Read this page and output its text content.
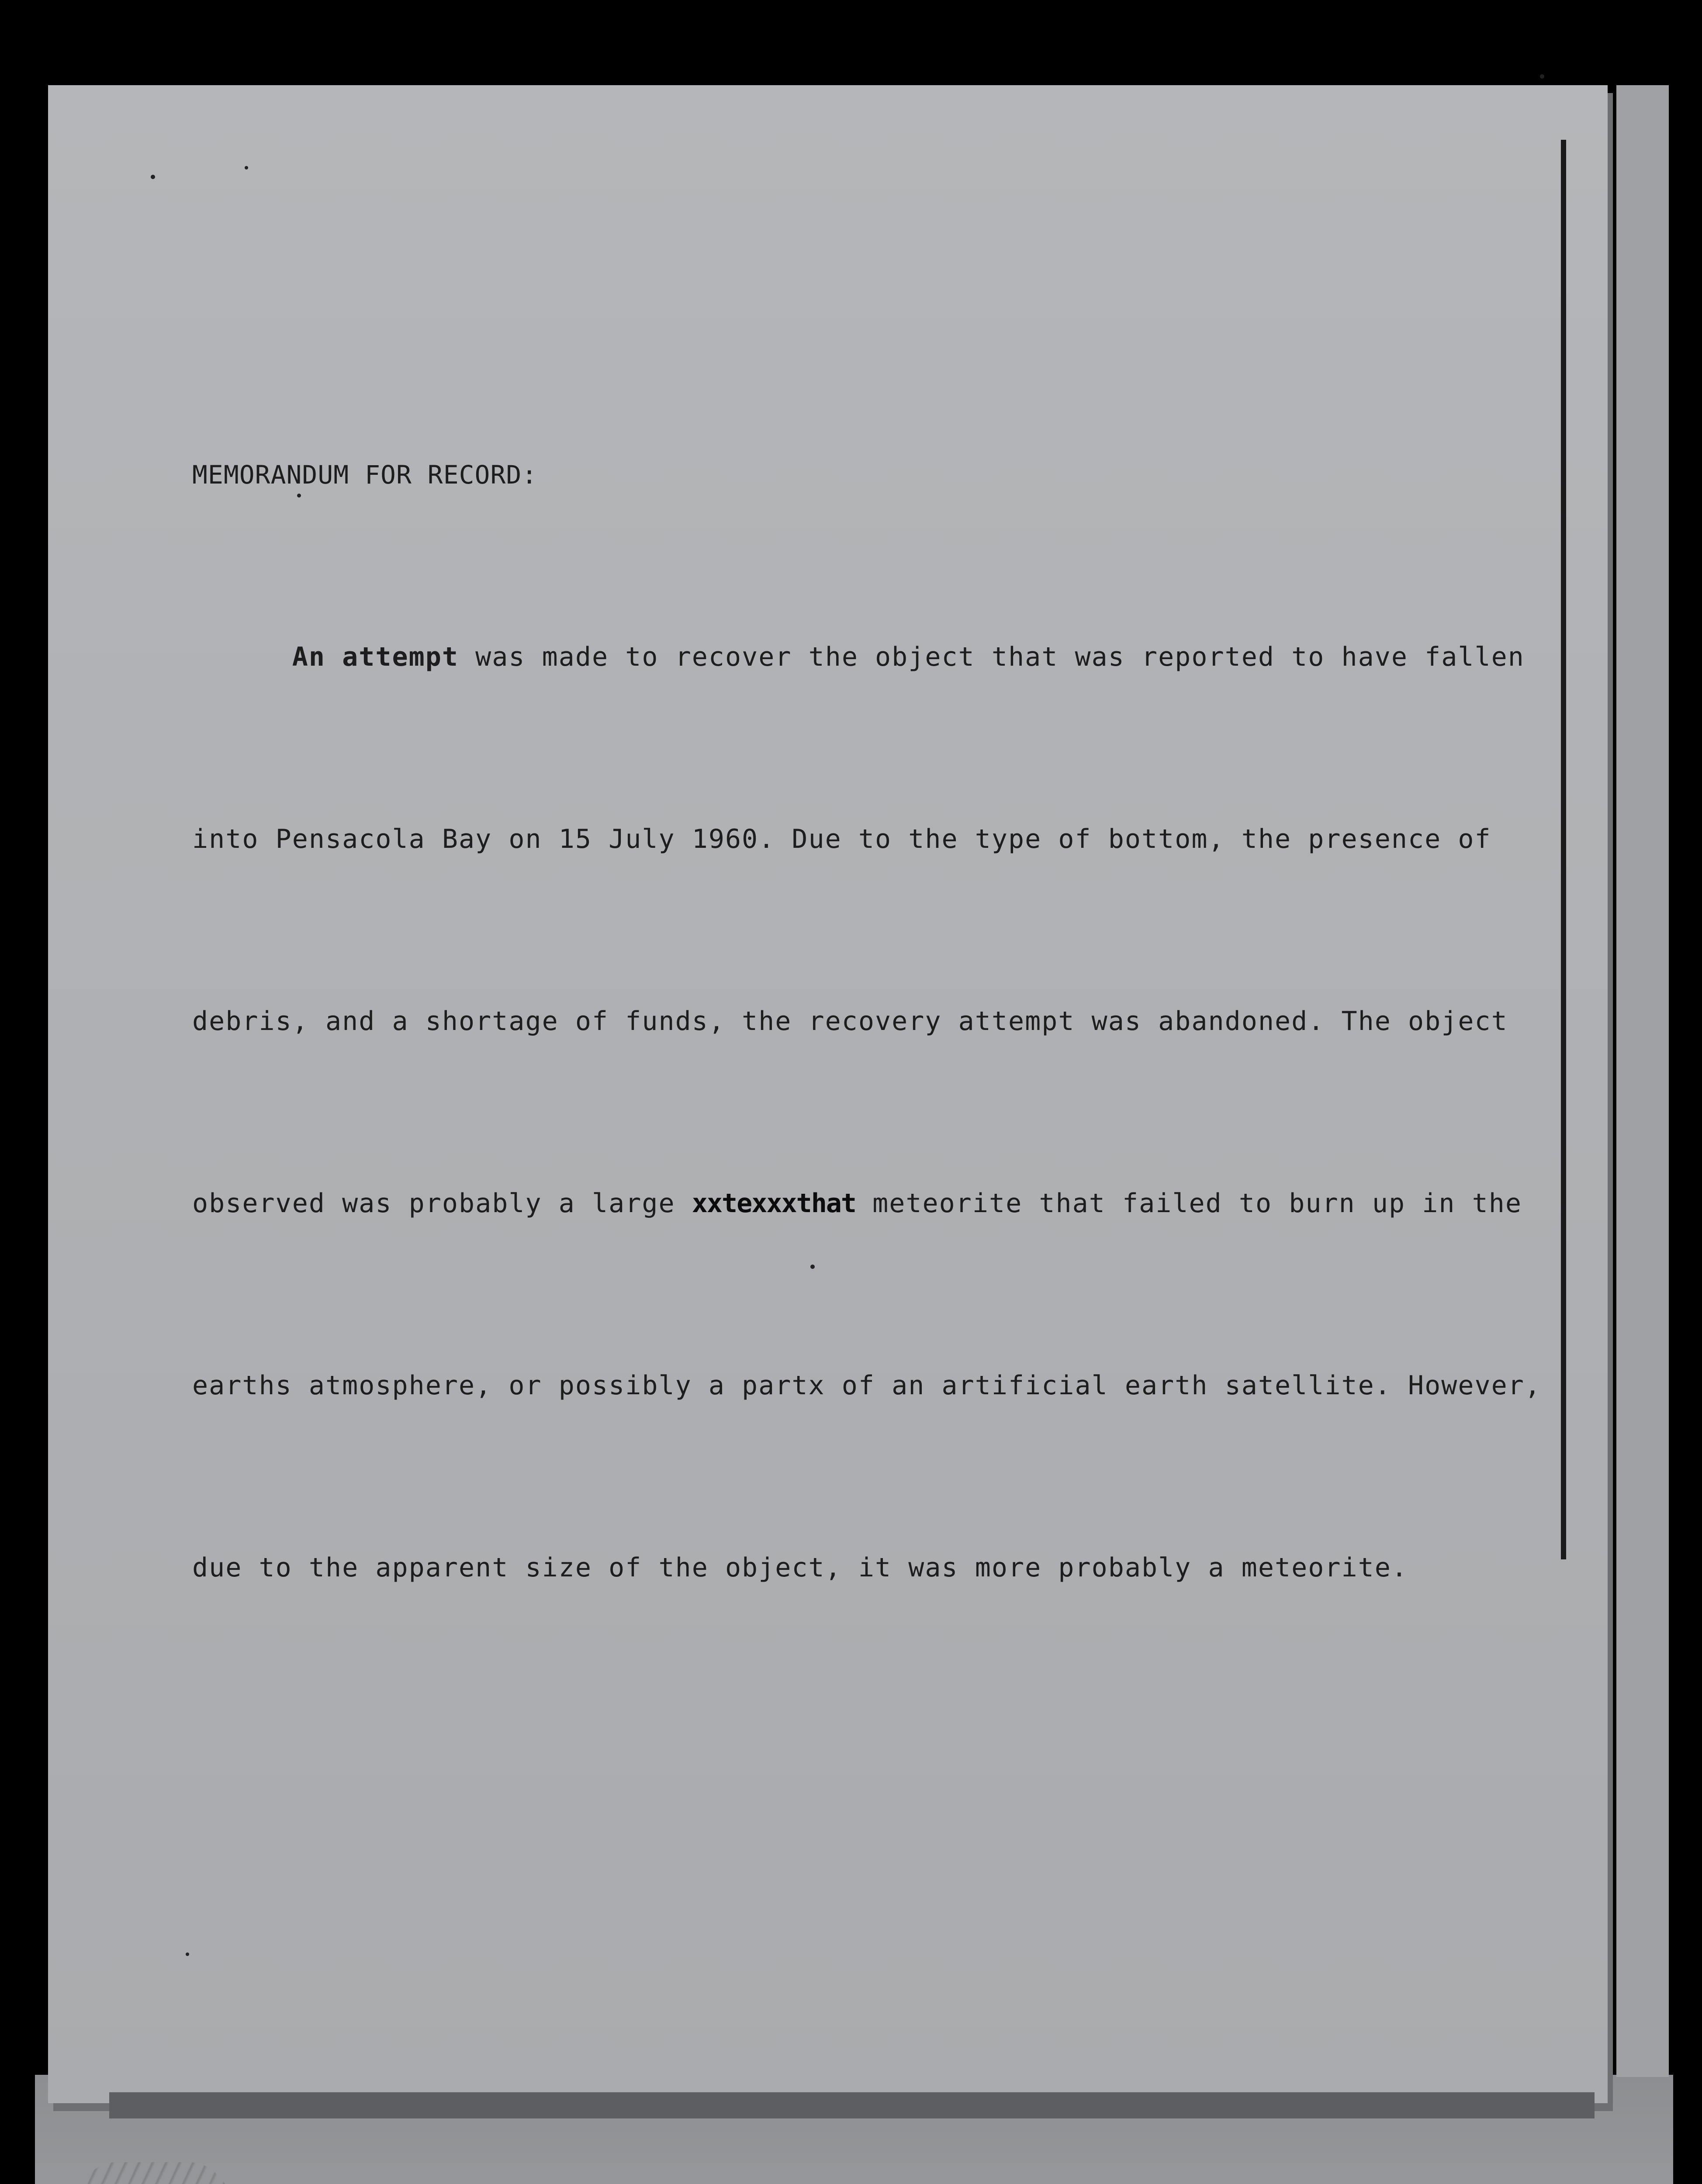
MEMORANDUM FOR RECORD:

An attempt was made to recover the object that was reported to have fallen

into Pensacola Bay on 15 July 1960. Due to the type of bottom, the presence of

debris, and a shortage of funds, the recovery attempt was abandoned. The object

observed was probably a large xxtexxxthat meteorite that failed to burn up in the

earths atmosphere, or possibly a partx of an artificial earth satellite. However,

due to the apparent size of the object, it was more probably a meteorite.
